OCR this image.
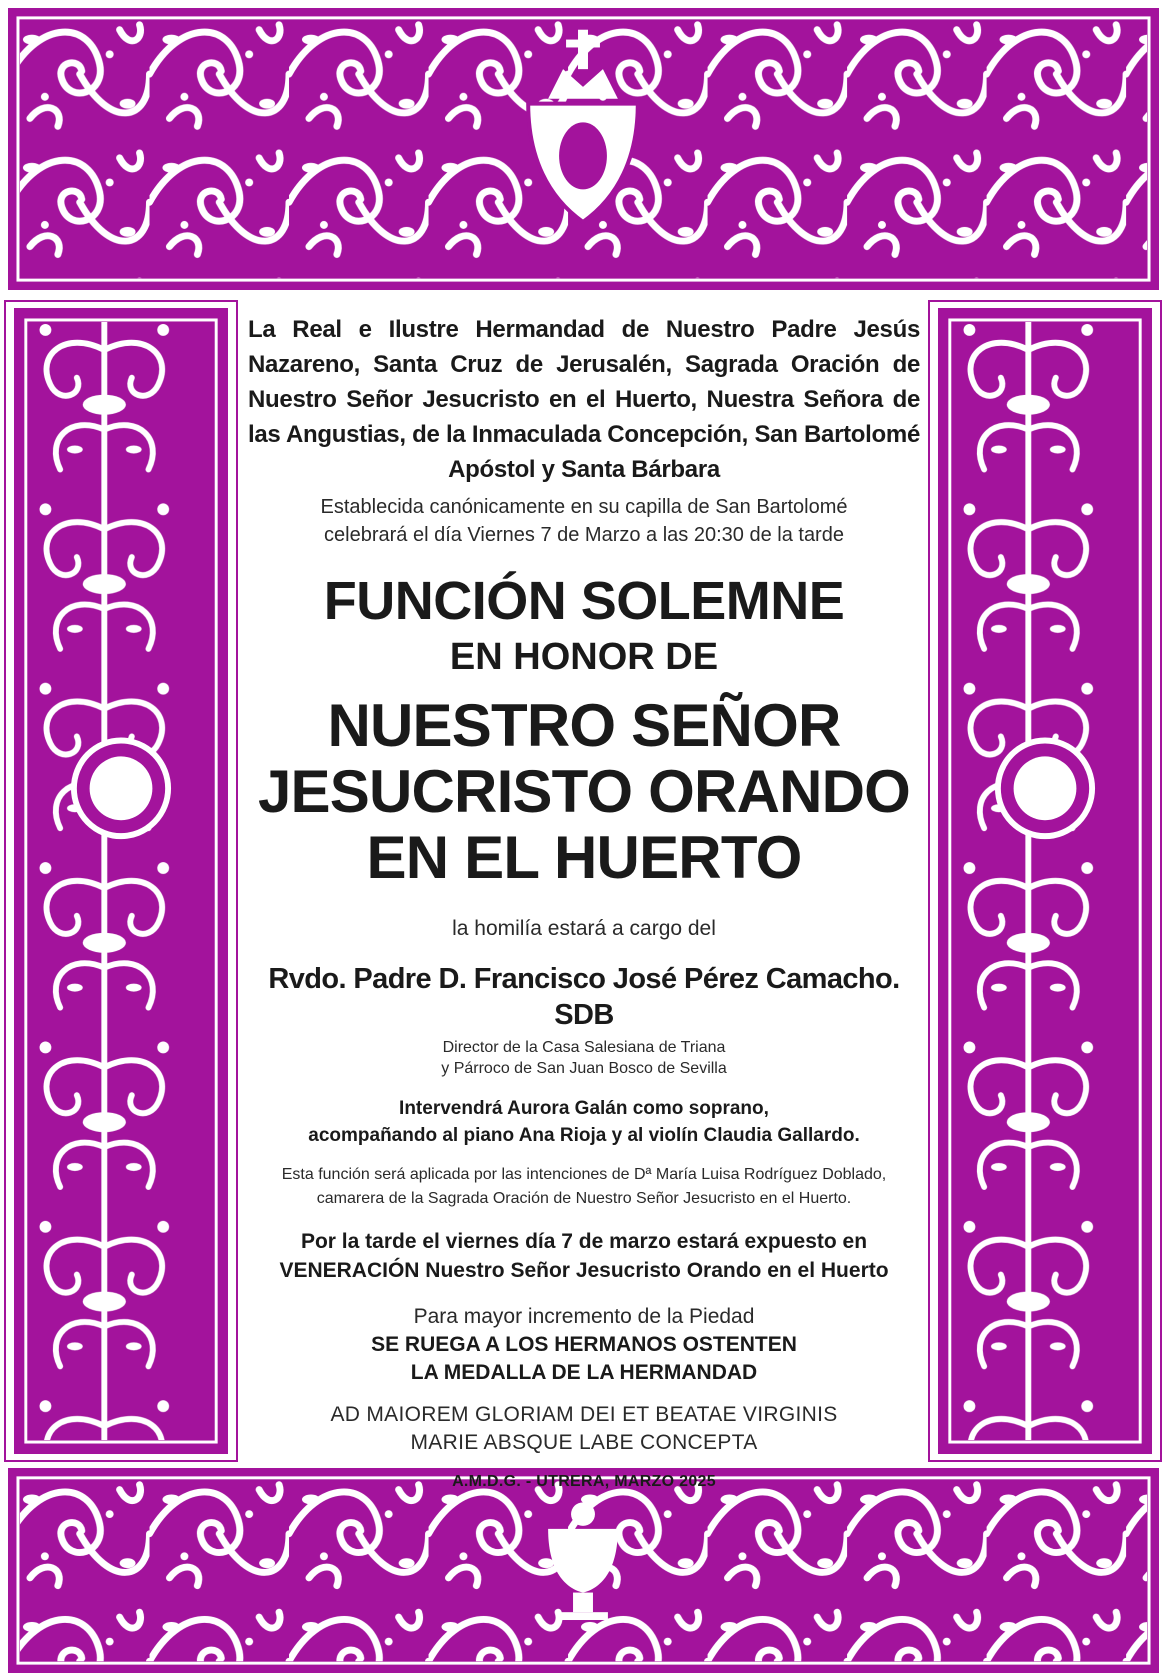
La Real e Ilustre Hermandad de Nuestro Padre Jesús Nazareno, Santa Cruz de Jerusalén, Sagrada Oración de Nuestro Señor Jesucristo en el Huerto, Nuestra Señora de las Angustias, de la Inmaculada Concepción, San Bartolomé Apóstol y Santa Bárbara

Establecida canónicamente en su capilla de San Bartolomé
celebrará el día Viernes 7 de Marzo a las 20:30 de la tarde

FUNCIÓN SOLEMNE

EN HONOR DE

NUESTRO SEÑOR
JESUCRISTO ORANDO
EN EL HUERTO

la homilía estará a cargo del

Rvdo. Padre D. Francisco José Pérez Camacho. SDB

Director de la Casa Salesiana de Triana
y Párroco de San Juan Bosco de Sevilla

Intervendrá Aurora Galán como soprano,
acompañando al piano Ana Rioja y al violín Claudia Gallardo.

Esta función será aplicada por las intenciones de Dª María Luisa Rodríguez Doblado,
camarera de la Sagrada Oración de Nuestro Señor Jesucristo en el Huerto.

Por la tarde el viernes día 7 de marzo estará expuesto en
VENERACIÓN Nuestro Señor Jesucristo Orando en el Huerto

Para mayor incremento de la Piedad

SE RUEGA A LOS HERMANOS OSTENTEN
LA MEDALLA DE LA HERMANDAD

AD MAIOREM GLORIAM DEI ET BEATAE VIRGINIS
MARIE ABSQUE LABE CONCEPTA

A.M.D.G. - UTRERA, MARZO 2025
